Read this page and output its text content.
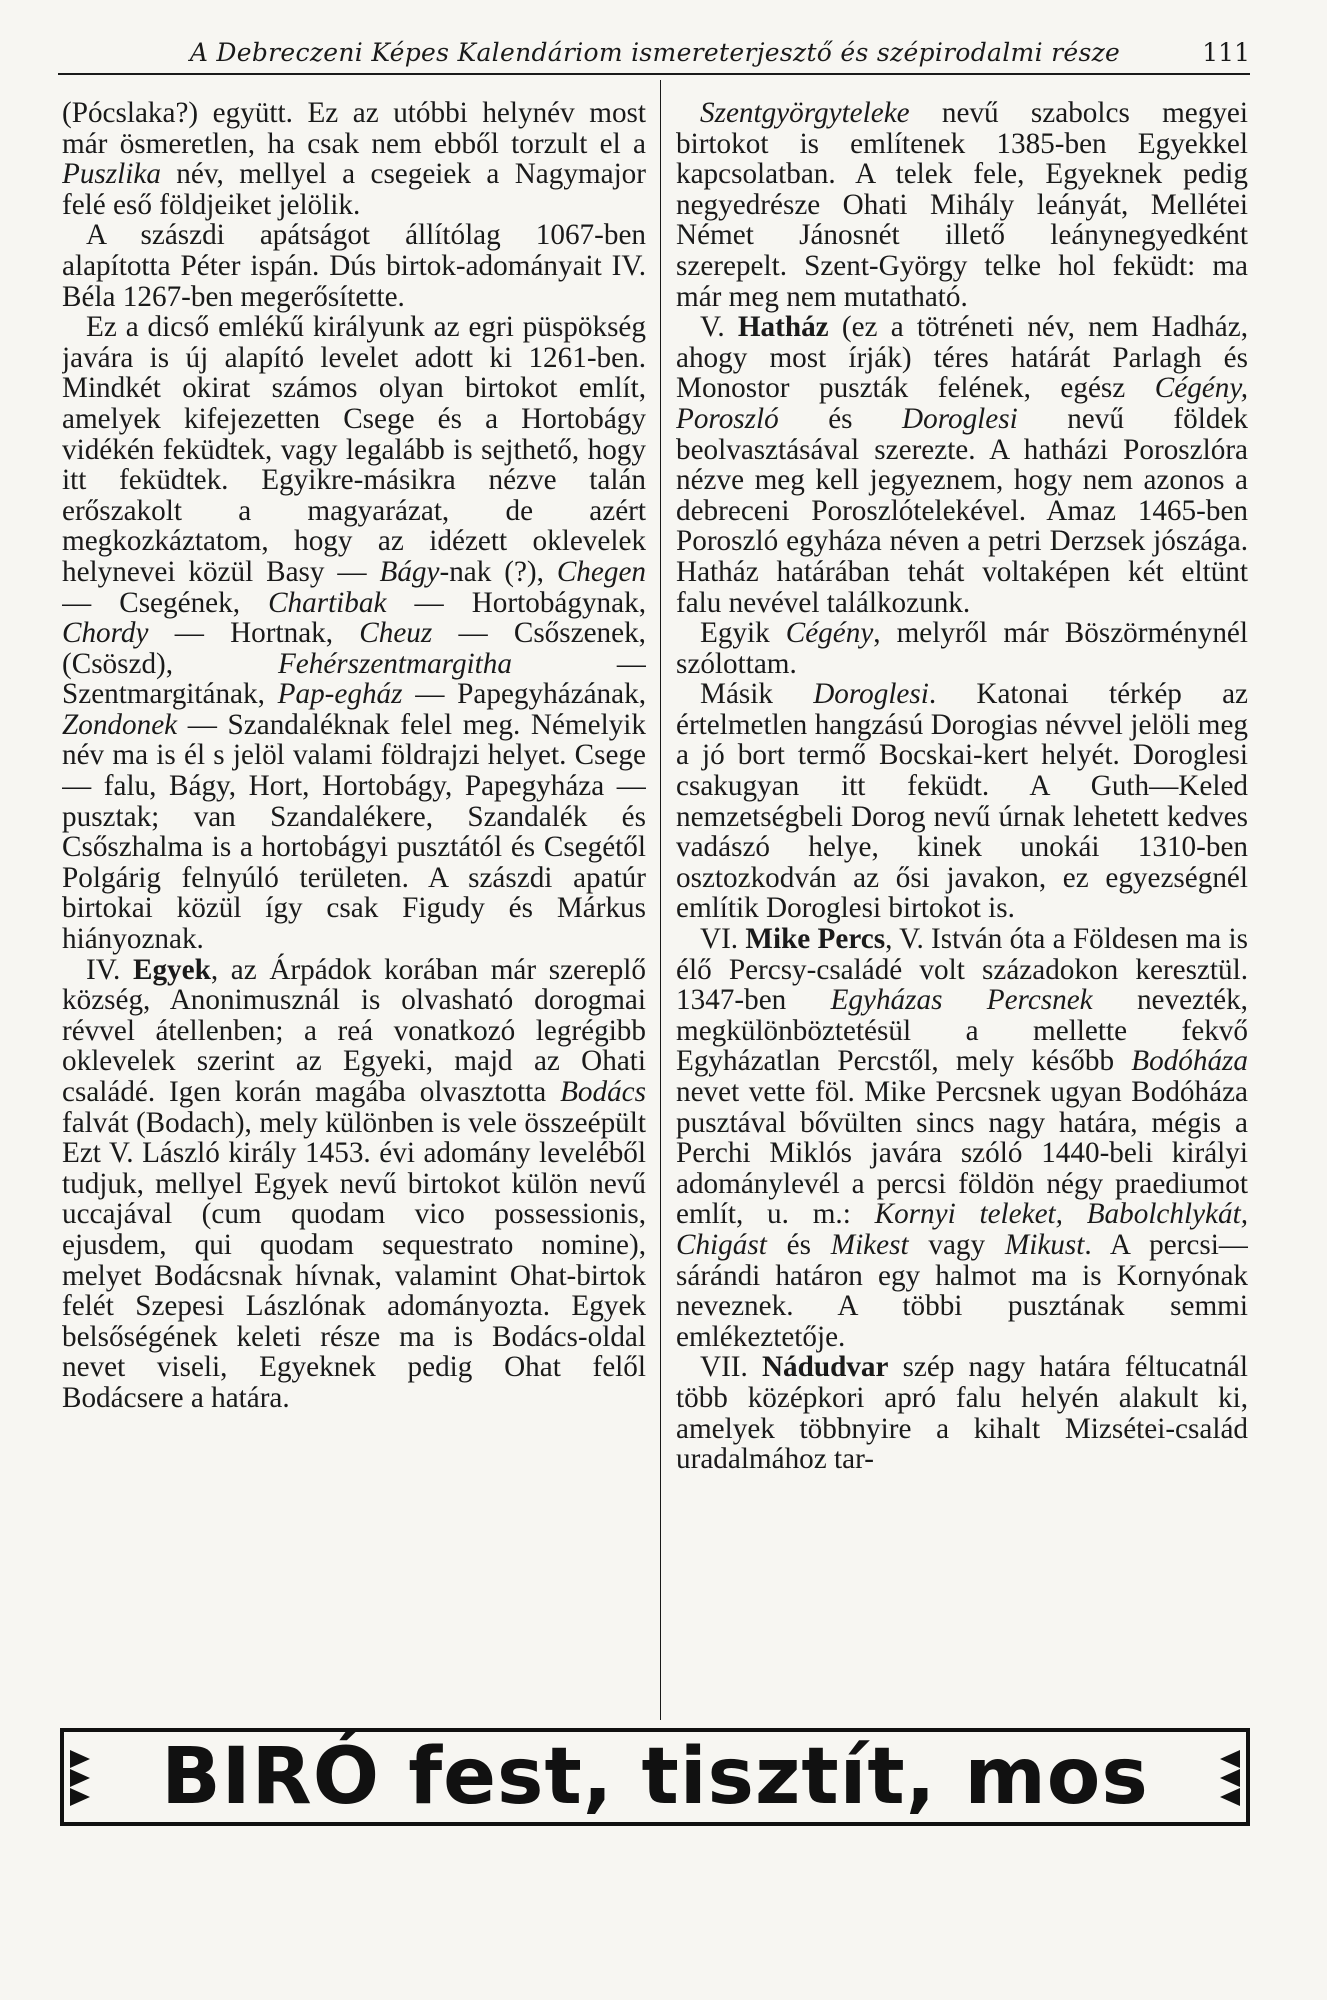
A Debreczeni Képes Kalendáriom ismereterjesztő és szépirodalmi része	111

(Pócslaka?) együtt. Ez az utóbbi helynév most már ösmeretlen, ha csak nem ebből torzult el a Puszlika név, mellyel a csegeiek a Nagymajor felé eső földjeiket jelölik.

A szászdi apátságot állítólag 1067-ben alapította Péter ispán. Dús birtok-adományait IV. Béla 1267-ben megerősítette.

Ez a dicső emlékű királyunk az egri püspökség javára is új alapító levelet adott ki 1261-ben. Mindkét okirat számos olyan birtokot említ, amelyek kifejezetten Csege és a Hortobágy vidékén feküdtek, vagy legalább is sejthető, hogy itt feküdtek. Egyikre-másikra nézve talán erőszakolt a magyarázat, de azért megkozkáztatom, hogy az idézett oklevelek helynevei közül Basy — Bágy-nak (?), Chegen — Csegének, Chartibak — Hortobágynak, Chordy — Hortnak, Cheuz — Csőszenek, (Csöszd), Fehérszentmargitha — Szentmargitának, Pap-egház — Papegyházának, Zondonek — Szandaléknak felel meg. Némelyik név ma is él s jelöl valami földrajzi helyet. Csege — falu, Bágy, Hort, Hortobágy, Papegyháza — pusztak; van Szandalékere, Szandalék és Csőszhalma is a hortobágyi pusztától és Csegétől Polgárig felnyúló területen. A szászdi apatúr birtokai közül így csak Figudy és Márkus hiányoznak.

IV. Egyek, az Árpádok korában már szereplő község, Anonimusznál is olvasható dorogmai révvel átellenben; a reá vonatkozó legrégibb oklevelek szerint az Egyeki, majd az Ohati családé. Igen korán magába olvasztotta Bodács falvát (Bodach), mely különben is vele összeépült Ezt V. László király 1453. évi adomány leveléből tudjuk, mellyel Egyek nevű birtokot külön nevű uccajával (cum quodam vico possessionis, ejusdem, qui quodam sequestrato nomine), melyet Bodácsnak hívnak, valamint Ohat-birtok felét Szepesi Lászlónak adományozta. Egyek belsőségének keleti része ma is Bodács-oldal nevet viseli, Egyeknek pedig Ohat felől Bodácsere a határa.

Szentgyörgyteleke nevű szabolcs megyei birtokot is említenek 1385-ben Egyekkel kapcsolatban. A telek fele, Egyeknek pedig negyedrésze Ohati Mihály leányát, Mellétei Német Jánosnét illető leánynegyedként szerepelt. Szent-György telke hol feküdt: ma már meg nem mutatható.

V. Hatház (ez a tötréneti név, nem Hadház, ahogy most írják) téres határát Parlagh és Monostor puszták felének, egész Cégény, Poroszló és Doroglesi nevű földek beolvasztásával szerezte. A hatházi Poroszlóra nézve meg kell jegyeznem, hogy nem azonos a debreceni Poroszlótelekével. Amaz 1465-ben Poroszló egyháza néven a petri Derzsek jószága. Hatház határában tehát voltaképen két eltünt falu nevével találkozunk.

Egyik Cégény, melyről már Böszörménynél szólottam.

Másik Doroglesi. Katonai térkép az értelmetlen hangzású Dorogias névvel jelöli meg a jó bort termő Bocskai-kert helyét. Doroglesi csakugyan itt feküdt. A Guth—Keled nemzetségbeli Dorog nevű úrnak lehetett kedves vadászó helye, kinek unokái 1310-ben osztozkodván az ősi javakon, ez egyezségnél említik Doroglesi birtokot is.

VI. Mike Percs, V. István óta a Földesen ma is élő Percsy-családé volt századokon keresztül. 1347-ben Egyházas Percsnek nevezték, megkülönböztetésül a mellette fekvő Egyházatlan Percstől, mely később Bodóháza nevet vette föl. Mike Percsnek ugyan Bodóháza pusztával bővülten sincs nagy határa, mégis a Perchi Miklós javára szóló 1440-beli királyi adománylevél a percsi földön négy praediumot említ, u. m.: Kornyi teleket, Babolchlykát, Chigást és Mikest vagy Mikust. A percsi—sárándi határon egy halmot ma is Kornyónak neveznek. A többi pusztának semmi emlékeztetője.

VII. Nádudvar szép nagy határa féltucatnál több középkori apró falu helyén alakult ki, amelyek többnyire a kihalt Mizsétei-család uradalmához tar-

BIRÓ fest, tisztít, mos
